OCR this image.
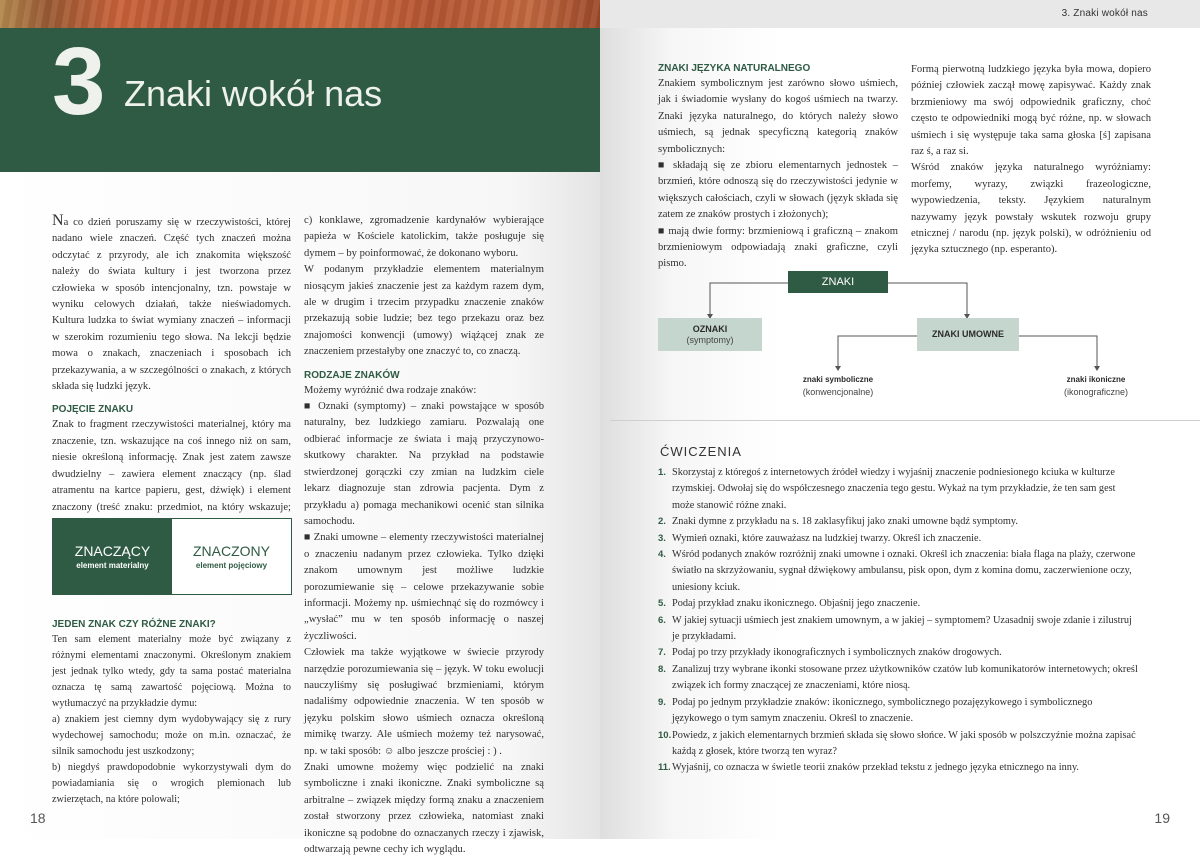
3 Znaki wokół nas

Na co dzień poruszamy się w rzeczywistości, której nadano wiele znaczeń. Część tych znaczeń można odczytać z przyrody, ale ich znakomita większość należy do świata kultury i jest tworzona przez człowieka w sposób intencjonalny, tzn. powstaje w wyniku celowych działań, także nieświadomych. Kultura ludzka to świat wymiany znaczeń – informacji w szerokim rozumieniu tego słowa. Na lekcji będzie mowa o znakach, znaczeniach i sposobach ich przekazywania, a w szczególności o znakach, z których składa się ludzki język.

POJĘCIE ZNAKU

Znak to fragment rzeczywistości materialnej, który ma znaczenie, tzn. wskazujące na coś innego niż on sam, niesie określoną informację. Znak jest zatem zawsze dwudzielny – zawiera element znaczący (np. ślad atramentu na kartce papieru, gest, dźwięk) i element znaczony (treść znaku: przedmiot, na który wskazuje;

ZNACZĄCY
element materialny
ZNACZONY
element pojęciowy
JEDEN ZNAK CZY RÓŻNE ZNAKI?

Ten sam element materialny może być związany z różnymi elementami znaczonymi. Określonym znakiem jest jednak tylko wtedy, gdy ta sama postać materialna oznacza tę samą zawartość pojęciową. Można to wytłumaczyć na przykładzie dymu:

a) znakiem jest ciemny dym wydobywający się z rury wydechowej samochodu; może on m.in. oznaczać, że silnik samochodu jest uszkodzony;

b) niegdyś prawdopodobnie wykorzystywali dym do powiadamiania się o wrogich plemionach lub zwierzętach, na które polowali;

c) konklawe, zgromadzenie kardynałów wybierające papieża w Kościele katolickim, także posługuje się dymem – by poinformować, że dokonano wyboru.

W podanym przykładzie elementem materialnym niosącym jakieś znaczenie jest za każdym razem dym, ale w drugim i trzecim przypadku znaczenie znaków przekazują sobie ludzie; bez tego przekazu oraz bez znajomości konwencji (umowy) wiążącej znak ze znaczeniem przestałyby one znaczyć to, co znaczą.

RODZAJE ZNAKÓW

Możemy wyróżnić dwa rodzaje znaków:

■ Oznaki (symptomy) – znaki powstające w sposób naturalny, bez ludzkiego zamiaru. Pozwalają one odbierać informacje ze świata i mają przyczynowo-skutkowy charakter. Na przykład na podstawie stwierdzonej gorączki czy zmian na ludzkim ciele lekarz diagnozuje stan zdrowia pacjenta. Dym z przykładu a) pomaga mechanikowi ocenić stan silnika samochodu.

■ Znaki umowne – elementy rzeczywistości materialnej o znaczeniu nadanym przez człowieka. Tylko dzięki znakom umownym jest możliwe ludzkie porozumiewanie się – celowe przekazywanie sobie informacji. Możemy np. uśmiechnąć się do rozmówcy i „wysłać” mu w ten sposób informację o naszej życzliwości.

Człowiek ma także wyjątkowe w świecie przyrody narzędzie porozumiewania się – język. W toku ewolucji nauczyliśmy się posługiwać brzmieniami, którym nadaliśmy odpowiednie znaczenia. W ten sposób w języku polskim słowo uśmiech oznacza określoną mimikę twarzy. Ale uśmiech możemy też narysować, np. w taki sposób: ☺ albo jeszcze prościej : ) .

Znaki umowne możemy więc podzielić na znaki symboliczne i znaki ikoniczne. Znaki symboliczne są arbitralne – związek między formą znaku a znaczeniem został stworzony przez człowieka, natomiast znaki ikoniczne są podobne do oznaczanych rzeczy i zjawisk, odtwarzają pewne cechy ich wyglądu.

18
3. Znaki wokół nas
ZNAKI JĘZYKA NATURALNEGO

Znakiem symbolicznym jest zarówno słowo uśmiech, jak i świadomie wysłany do kogoś uśmiech na twarzy. Znaki języka naturalnego, do których należy słowo uśmiech, są jednak specyficzną kategorią znaków symbolicznych:

■ składają się ze zbioru elementarnych jednostek – brzmień, które odnoszą się do rzeczywistości jedynie w większych całościach, czyli w słowach (język składa się zatem ze znaków prostych i złożonych);

■ mają dwie formy: brzmieniową i graficzną – znakom brzmieniowym odpowiadają znaki graficzne, czyli pismo.

Formą pierwotną ludzkiego języka była mowa, dopiero później człowiek zaczął mowę zapisywać. Każdy znak brzmieniowy ma swój odpowiednik graficzny, choć często te odpowiedniki mogą być różne, np. w słowach uśmiech i się występuje taka sama głoska [ś] zapisana raz ś, a raz si.

Wśród znaków języka naturalnego wyróżniamy: morfemy, wyrazy, związki frazeologiczne, wypowiedzenia, teksty. Językiem naturalnym nazywamy język powstały wskutek rozwoju grupy etnicznej / narodu (np. język polski), w odróżnieniu od języka sztucznego (np. esperanto).

19
ZNAKI
OZNAKI
(symptomy)
ZNAKI UMOWNE
znaki symboliczne
(konwencjonalne)
znaki ikoniczne
(ikonograficzne)
ĆWICZENIA
1. Skorzystaj z któregoś z internetowych źródeł wiedzy i wyjaśnij znaczenie podniesionego kciuka w kulturze rzymskiej. Odwołaj się do współczesnego znaczenia tego gestu. Wykaż na tym przykładzie, że ten sam gest może stanowić różne znaki.
2. Znaki dymne z przykładu na s. 18 zaklasyfikuj jako znaki umowne bądź symptomy.
3. Wymień oznaki, które zauważasz na ludzkiej twarzy. Określ ich znaczenie.
4. Wśród podanych znaków rozróżnij znaki umowne i oznaki. Określ ich znaczenia: biała flaga na plaży, czerwone światło na skrzyżowaniu, sygnał dźwiękowy ambulansu, pisk opon, dym z komina domu, zaczerwienione oczy, uniesiony kciuk.
5. Podaj przykład znaku ikonicznego. Objaśnij jego znaczenie.
6. W jakiej sytuacji uśmiech jest znakiem umownym, a w jakiej – symptomem? Uzasadnij swoje zdanie i zilustruj je przykładami.
7. Podaj po trzy przykłady ikonograficznych i symbolicznych znaków drogowych.
8. Zanalizuj trzy wybrane ikonki stosowane przez użytkowników czatów lub komunikatorów internetowych; określ związek ich formy znaczącej ze znaczeniami, które niosą.
9. Podaj po jednym przykładzie znaków: ikonicznego, symbolicznego pozajęzykowego i symbolicznego językowego o tym samym znaczeniu. Określ to znaczenie.
10. Powiedz, z jakich elementarnych brzmień składa się słowo słońce. W jaki sposób w polszczyźnie można zapisać każdą z głosek, które tworzą ten wyraz?
11. Wyjaśnij, co oznacza w świetle teorii znaków przekład tekstu z jednego języka etnicznego na inny.
